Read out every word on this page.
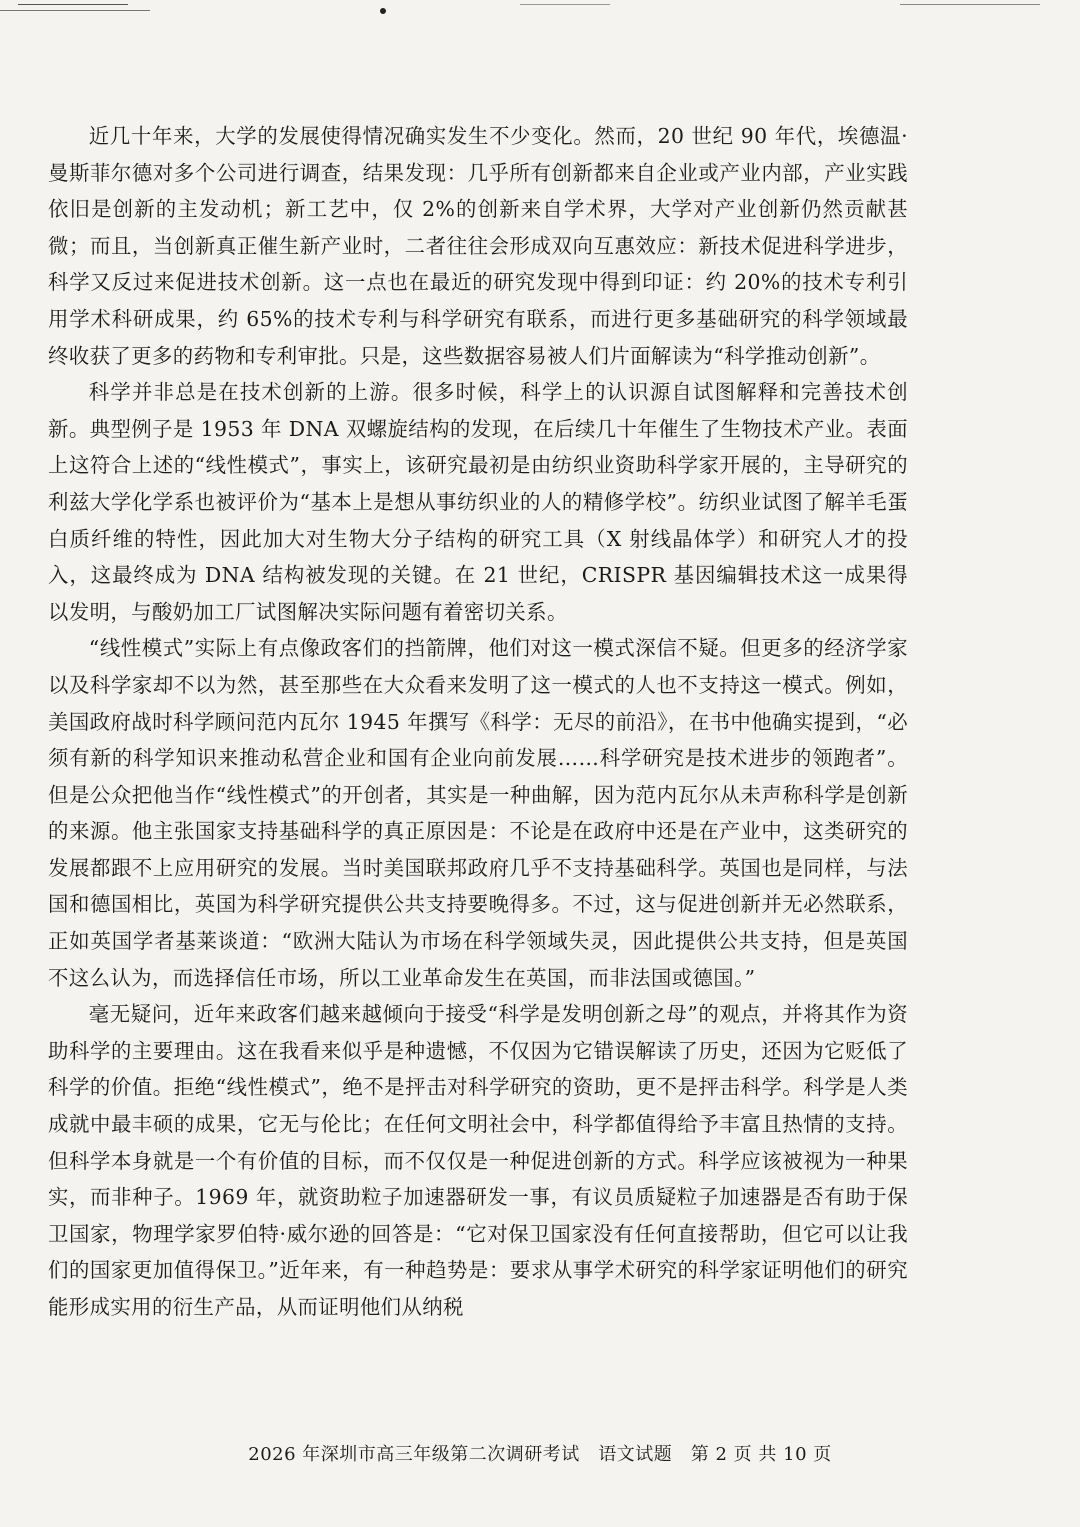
近几十年来，大学的发展使得情况确实发生不少变化。然而，20 世纪 90 年代，埃德温·曼斯菲尔德对多个公司进行调查，结果发现：几乎所有创新都来自企业或产业内部，产业实践依旧是创新的主发动机；新工艺中，仅 2%的创新来自学术界，大学对产业创新仍然贡献甚微；而且，当创新真正催生新产业时，二者往往会形成双向互惠效应：新技术促进科学进步，科学又反过来促进技术创新。这一点也在最近的研究发现中得到印证：约 20%的技术专利引用学术科研成果，约 65%的技术专利与科学研究有联系，而进行更多基础研究的科学领域最终收获了更多的药物和专利审批。只是，这些数据容易被人们片面解读为“科学推动创新”。

科学并非总是在技术创新的上游。很多时候，科学上的认识源自试图解释和完善技术创新。典型例子是 1953 年 DNA 双螺旋结构的发现，在后续几十年催生了生物技术产业。表面上这符合上述的“线性模式”，事实上，该研究最初是由纺织业资助科学家开展的，主导研究的利兹大学化学系也被评价为“基本上是想从事纺织业的人的精修学校”。纺织业试图了解羊毛蛋白质纤维的特性，因此加大对生物大分子结构的研究工具（X 射线晶体学）和研究人才的投入，这最终成为 DNA 结构被发现的关键。在 21 世纪，CRISPR 基因编辑技术这一成果得以发明，与酸奶加工厂试图解决实际问题有着密切关系。

“线性模式”实际上有点像政客们的挡箭牌，他们对这一模式深信不疑。但更多的经济学家以及科学家却不以为然，甚至那些在大众看来发明了这一模式的人也不支持这一模式。例如，美国政府战时科学顾问范内瓦尔 1945 年撰写《科学：无尽的前沿》，在书中他确实提到，“必须有新的科学知识来推动私营企业和国有企业向前发展……科学研究是技术进步的领跑者”。但是公众把他当作“线性模式”的开创者，其实是一种曲解，因为范内瓦尔从未声称科学是创新的来源。他主张国家支持基础科学的真正原因是：不论是在政府中还是在产业中，这类研究的发展都跟不上应用研究的发展。当时美国联邦政府几乎不支持基础科学。英国也是同样，与法国和德国相比，英国为科学研究提供公共支持要晚得多。不过，这与促进创新并无必然联系，正如英国学者基莱谈道：“欧洲大陆认为市场在科学领域失灵，因此提供公共支持，但是英国不这么认为，而选择信任市场，所以工业革命发生在英国，而非法国或德国。”

毫无疑问，近年来政客们越来越倾向于接受“科学是发明创新之母”的观点，并将其作为资助科学的主要理由。这在我看来似乎是种遗憾，不仅因为它错误解读了历史，还因为它贬低了科学的价值。拒绝“线性模式”，绝不是抨击对科学研究的资助，更不是抨击科学。科学是人类成就中最丰硕的成果，它无与伦比；在任何文明社会中，科学都值得给予丰富且热情的支持。但科学本身就是一个有价值的目标，而不仅仅是一种促进创新的方式。科学应该被视为一种果实，而非种子。1969 年，就资助粒子加速器研发一事，有议员质疑粒子加速器是否有助于保卫国家，物理学家罗伯特·威尔逊的回答是：“它对保卫国家没有任何直接帮助，但它可以让我们的国家更加值得保卫。”近年来，有一种趋势是：要求从事学术研究的科学家证明他们的研究能形成实用的衍生产品，从而证明他们从纳税

2026 年深圳市高三年级第二次调研考试　语文试题　第 2 页 共 10 页
